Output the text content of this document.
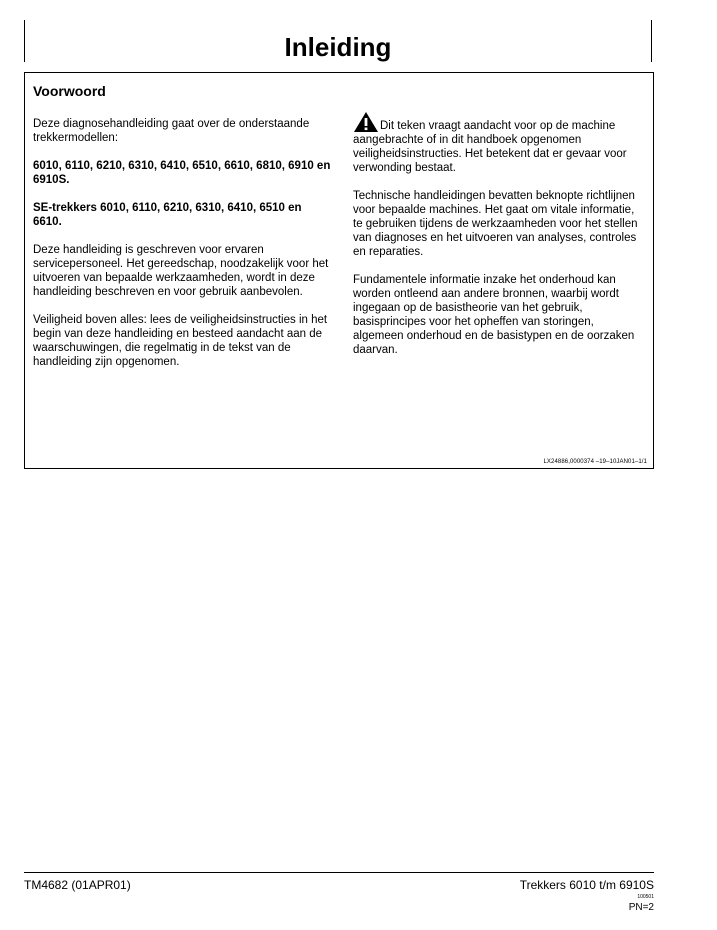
Inleiding
Voorwoord

Deze diagnosehandleiding gaat over de onderstaande trekkermodellen:

6010, 6110, 6210, 6310, 6410, 6510, 6610, 6810, 6910 en 6910S.

SE-trekkers 6010, 6110, 6210, 6310, 6410, 6510 en 6610.

Deze handleiding is geschreven voor ervaren servicepersoneel. Het gereedschap, noodzakelijk voor het uitvoeren van bepaalde werkzaamheden, wordt in deze handleiding beschreven en voor gebruik aanbevolen.

Veiligheid boven alles: lees de veiligheidsinstructies in het begin van deze handleiding en besteed aandacht aan de waarschuwingen, die regelmatig in de tekst van de handleiding zijn opgenomen.

Dit teken vraagt aandacht voor op de machine aangebrachte of in dit handboek opgenomen veiligheidsinstructies. Het betekent dat er gevaar voor verwonding bestaat.

Technische handleidingen bevatten beknopte richtlijnen voor bepaalde machines. Het gaat om vitale informatie, te gebruiken tijdens de werkzaamheden voor het stellen van diagnoses en het uitvoeren van analyses, controles en reparaties.

Fundamentele informatie inzake het onderhoud kan worden ontleend aan andere bronnen, waarbij wordt ingegaan op de basistheorie van het gebruik, basisprincipes voor het opheffen van storingen, algemeen onderhoud en de basistypen en de oorzaken daarvan.

LX24886,0000374 –19–10JAN01–1/1
TM4682 (01APR01)	Trekkers 6010 t/m 6910S
100501
PN=2
